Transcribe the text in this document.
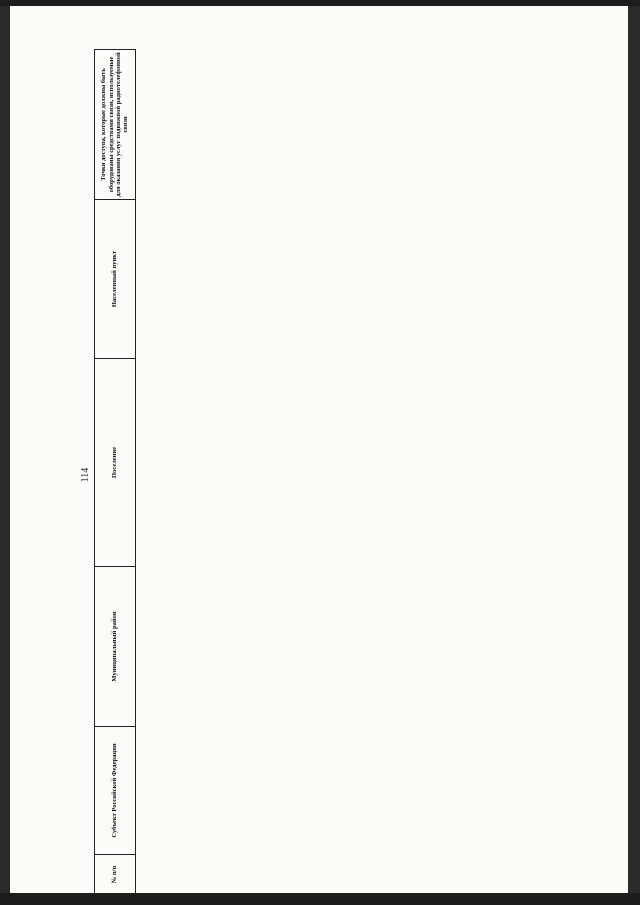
114
№ п/п	Субъект Российской Федерации	Муниципальный район	Поселение	Населенный пункт	Точки доступа, которые должны быть оборудованы средствами связи, используемые для оказания услуг подвижной радиотелефонной связи
